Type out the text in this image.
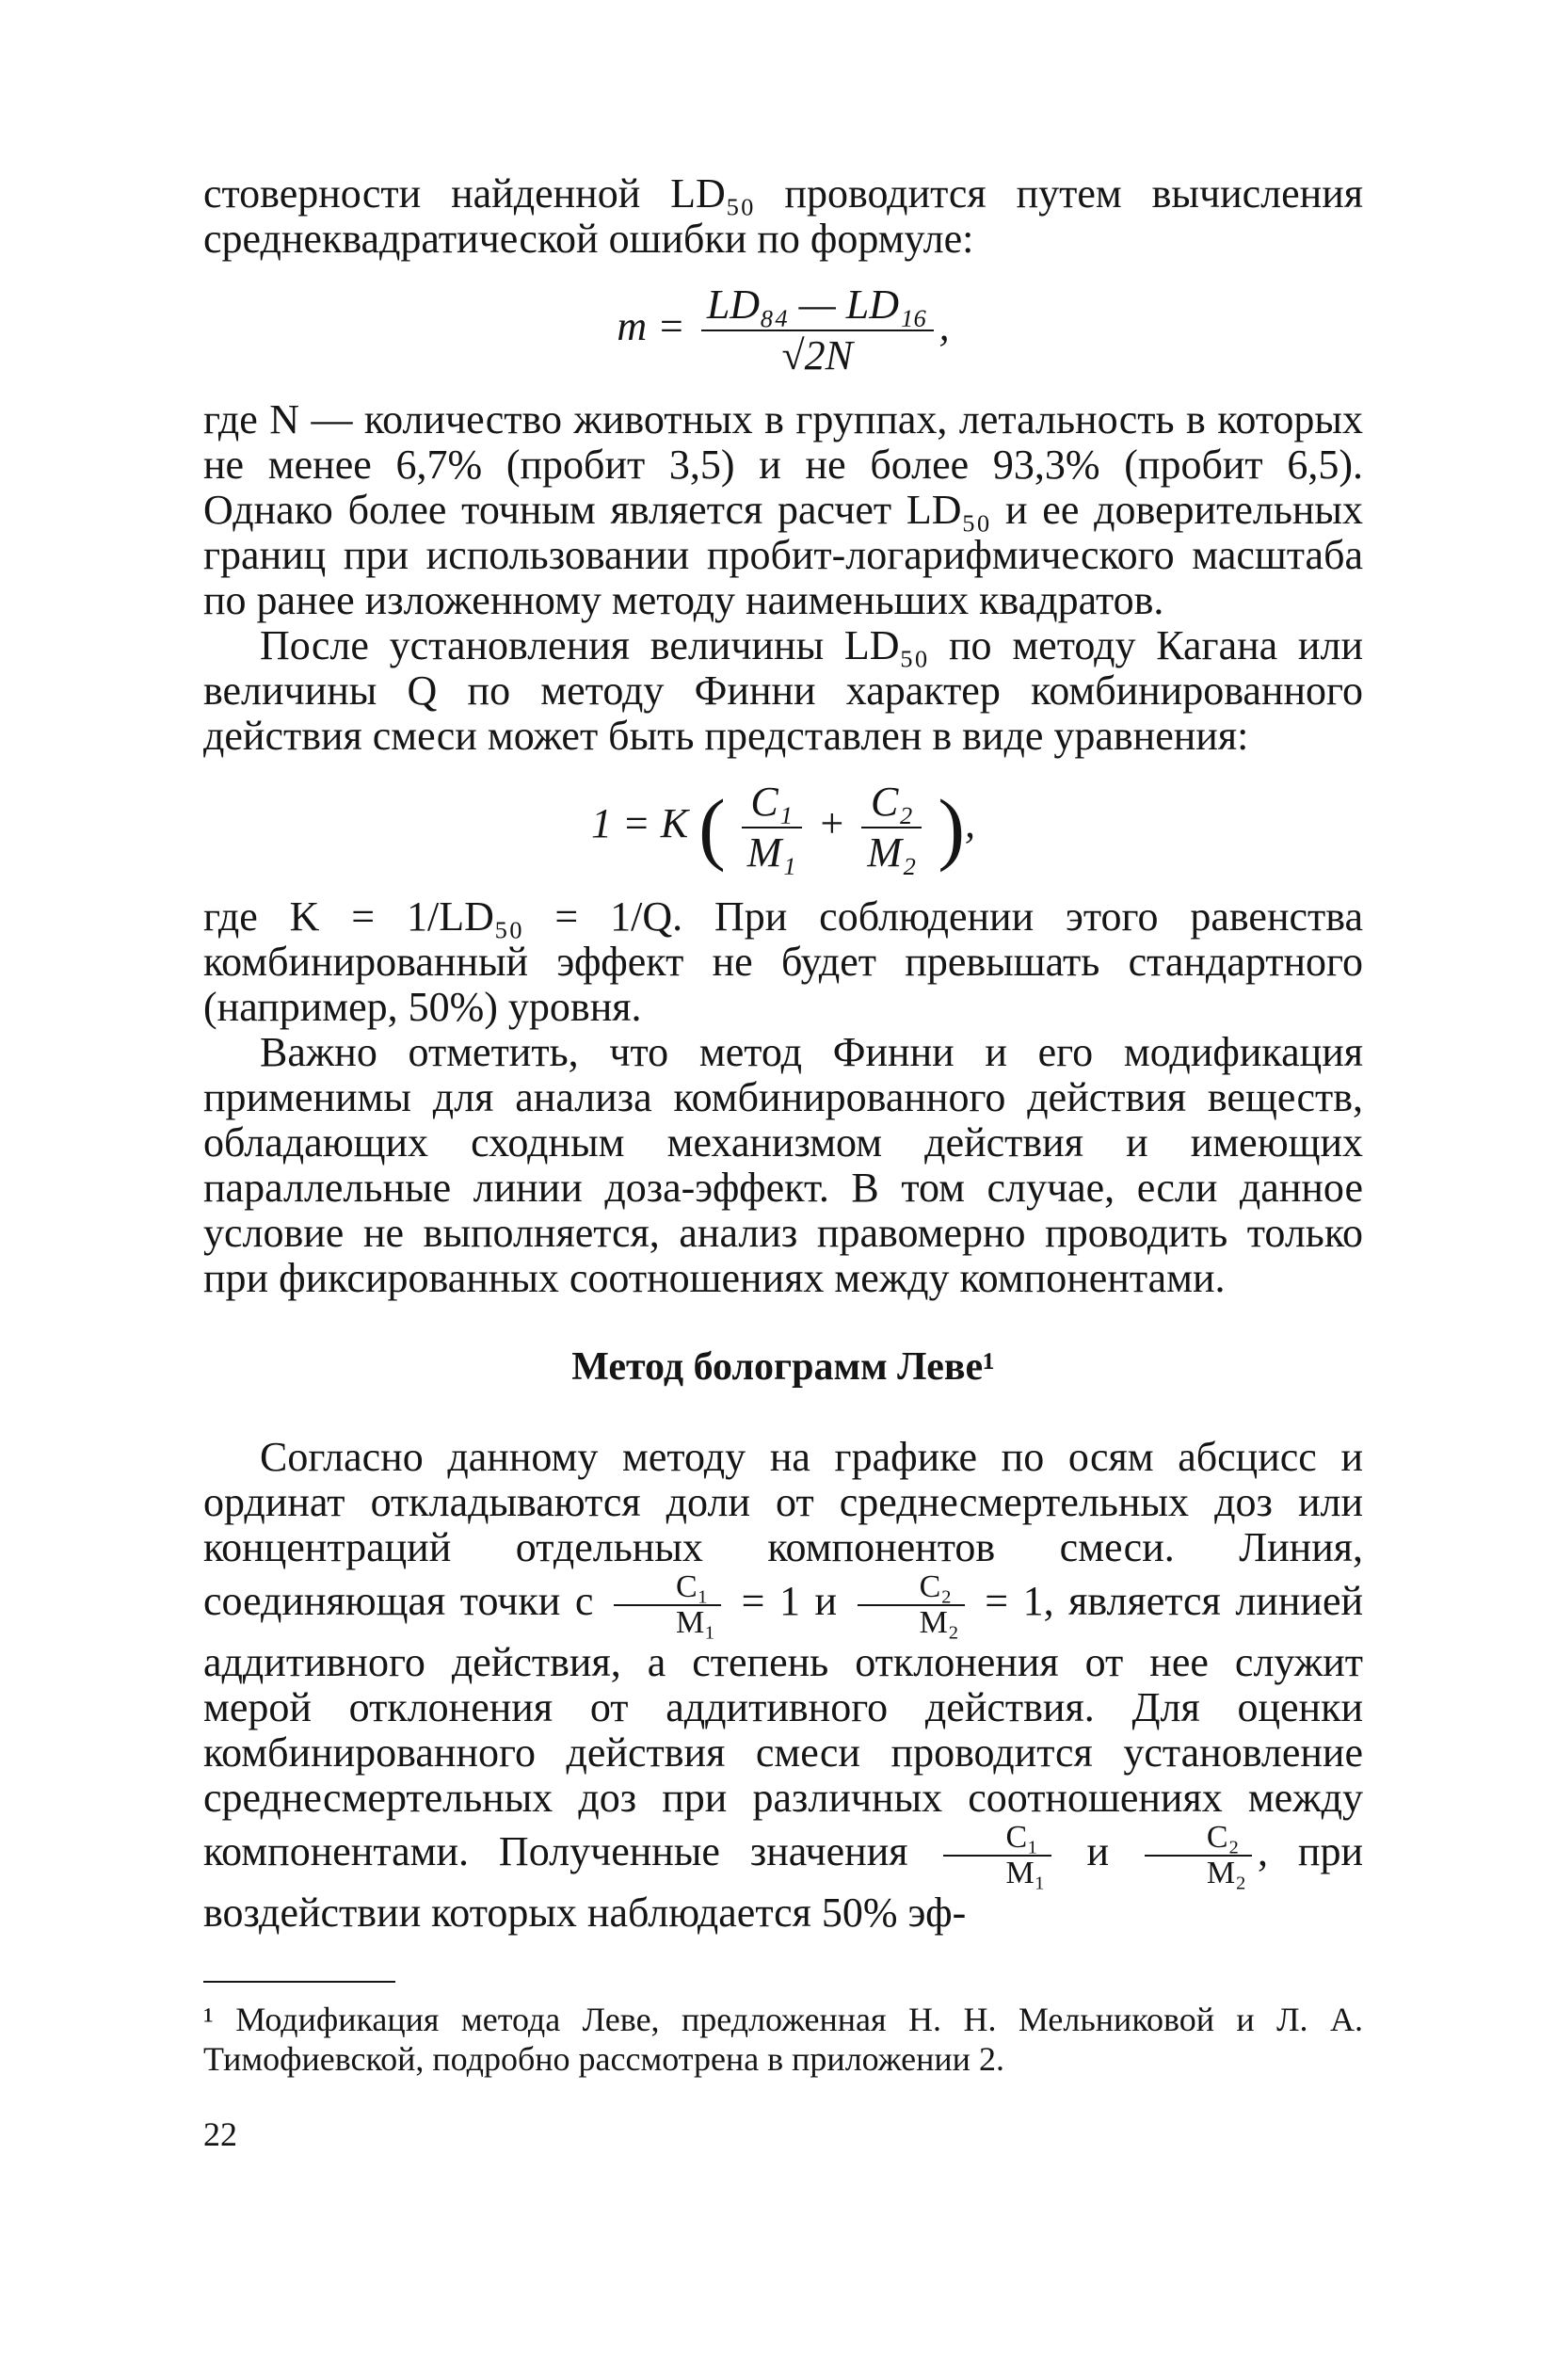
стоверности найденной LD₅₀ проводится путем вычисления среднеквадратической ошибки по формуле:

$m = \frac{\text{LD₈₄ — LD₁₆}}{√2N}$ ,

где N — количество животных в группах, летальность в которых не менее 6,7% (пробит 3,5) и не более 93,3% (пробит 6,5). Однако более точным является расчет LD₅₀ и ее доверительных границ при использовании пробит-логарифмического масштаба по ранее изложенному методу наименьших квадратов.

После установления величины LD₅₀ по методу Кагана или величины Q по методу Финни характер комбинированного действия смеси может быть представлен в виде уравнения:

1 = K ( $\frac{\text{C₁}}{\text{M₁}} + \frac{\text{C₂}}{\text{M₂}}$ ),

где K = 1/LD₅₀ = 1/Q. При соблюдении этого равенства комбинированный эффект не будет превышать стандартного (например, 50%) уровня.

Важно отметить, что метод Финни и его модификация применимы для анализа комбинированного действия веществ, обладающих сходным механизмом действия и имеющих параллельные линии доза-эффект. В том случае, если данное условие не выполняется, анализ правомерно проводить только при фиксированных соотношениях между компонентами.

Метод болограмм Леве¹

Согласно данному методу на графике по осям абсцисс и ординат откладываются доли от среднесмертельных доз или концентраций отдельных компонентов смеси. Линия, соединяющая точки с $\frac{\text{C₁}}{\text{M₁}} = 1$ и $\frac{\text{C₂}}{\text{M₂}} = 1$, является линией аддитивного действия, а степень отклонения от нее служит мерой отклонения от аддитивного действия. Для оценки комбинированного действия смеси проводится установление среднесмертельных доз при различных соотношениях между компонентами. Полученные значения $\frac{\text{C₁}}{\text{M₁}}$ и $\frac{\text{C₂}}{\text{M₂}}$ , при воздействии которых наблюдается 50% эф-

¹ Модификация метода Леве, предложенная Н. Н. Мельниковой и Л. А. Тимофиевской, подробно рассмотрена в приложении 2.

22
